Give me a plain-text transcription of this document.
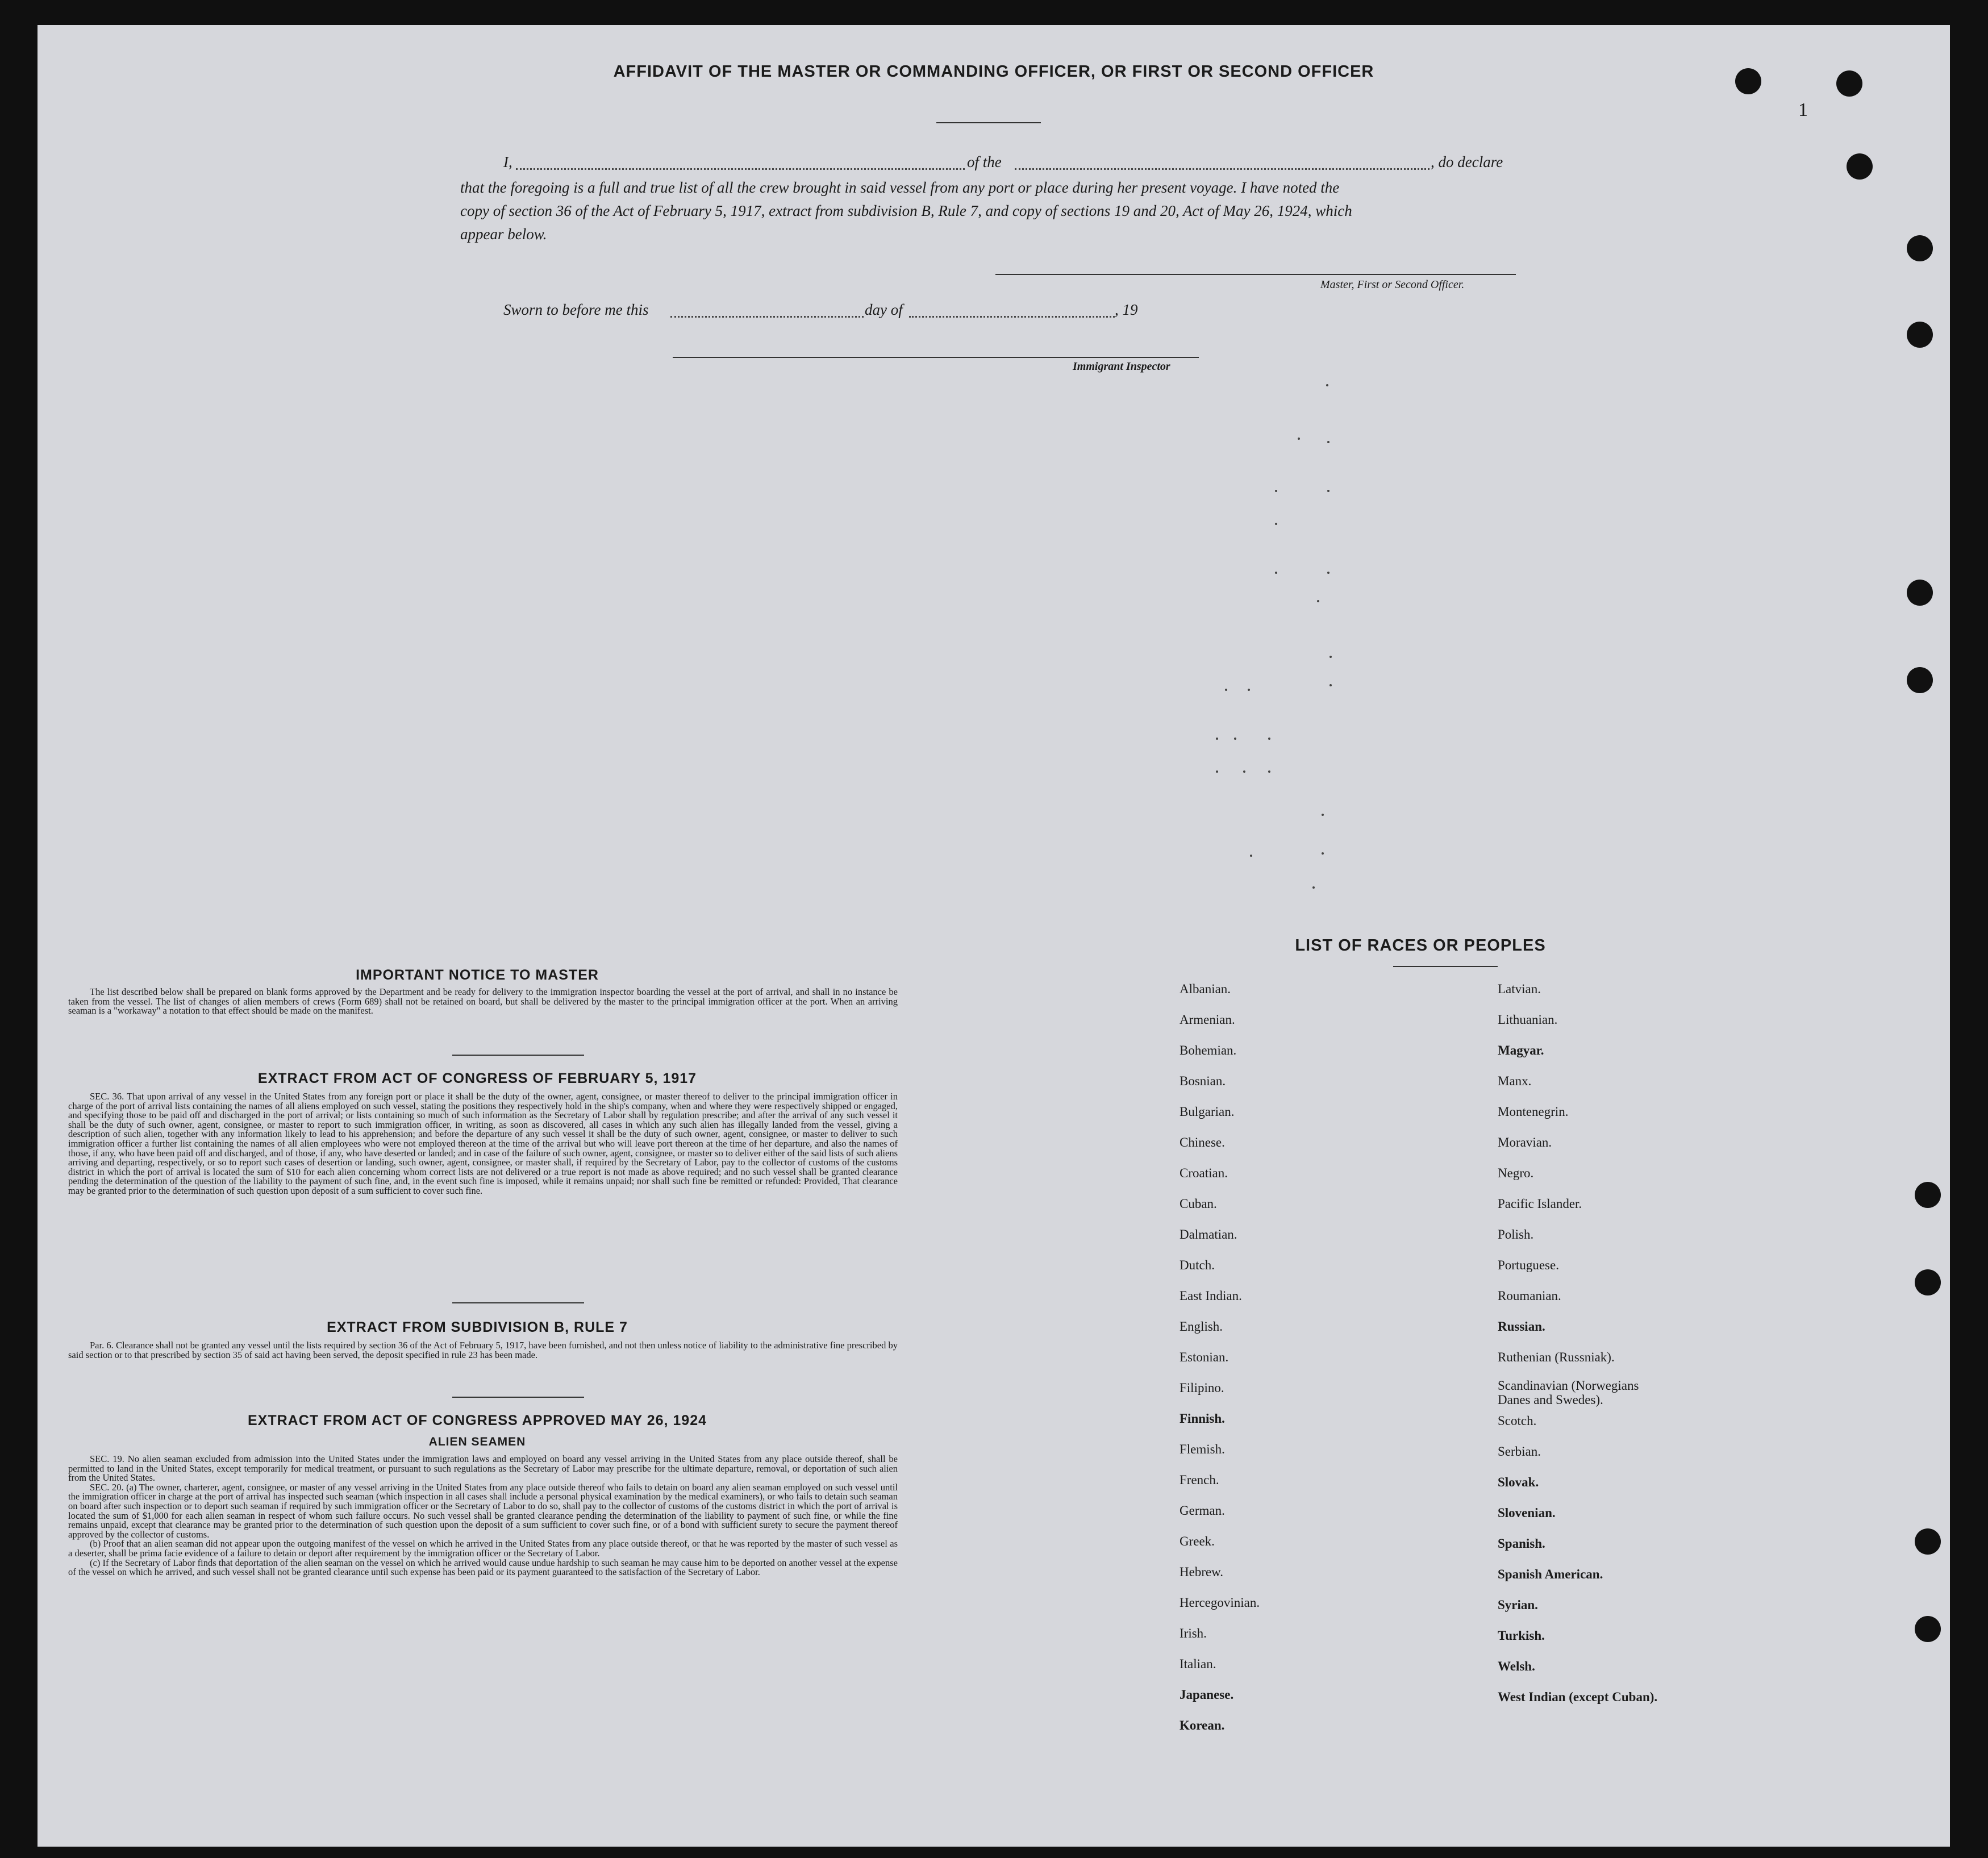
1
AFFIDAVIT OF THE MASTER OR COMMANDING OFFICER, OR FIRST OR SECOND OFFICER
I,	of the	, do declare
that the foregoing is a full and true list of all the crew brought in said vessel from any port or place during her present voyage. I have noted the
copy of section 36 of the Act of February 5, 1917, extract from subdivision B, Rule 7, and copy of sections 19 and 20, Act of May 26, 1924, which
appear below.
Master, First or Second Officer.
Sworn to before me this	day of	, 19
Immigrant Inspector
IMPORTANT NOTICE TO MASTER

The list described below shall be prepared on blank forms approved by the Department and be ready for delivery to the immigration inspector boarding the vessel at the port of arrival, and shall in no instance be taken from the vessel. The list of changes of alien members of crews (Form 689) shall not be retained on board, but shall be delivered by the master to the principal immigration officer at the port. When an arriving seaman is a "workaway" a notation to that effect should be made on the manifest.

EXTRACT FROM ACT OF CONGRESS OF FEBRUARY 5, 1917

SEC. 36. That upon arrival of any vessel in the United States from any foreign port or place it shall be the duty of the owner, agent, consignee, or master thereof to deliver to the principal immigration officer in charge of the port of arrival lists containing the names of all aliens employed on such vessel, stating the positions they respectively hold in the ship's company, when and where they were respectively shipped or engaged, and specifying those to be paid off and discharged in the port of arrival; or lists containing so much of such information as the Secretary of Labor shall by regulation prescribe; and after the arrival of any such vessel it shall be the duty of such owner, agent, consignee, or master to report to such immigration officer, in writing, as soon as discovered, all cases in which any such alien has illegally landed from the vessel, giving a description of such alien, together with any information likely to lead to his apprehension; and before the departure of any such vessel it shall be the duty of such owner, agent, consignee, or master to deliver to such immigration officer a further list containing the names of all alien employees who were not employed thereon at the time of the arrival but who will leave port thereon at the time of her departure, and also the names of those, if any, who have been paid off and discharged, and of those, if any, who have deserted or landed; and in case of the failure of such owner, agent, consignee, or master so to deliver either of the said lists of such aliens arriving and departing, respectively, or so to report such cases of desertion or landing, such owner, agent, consignee, or master shall, if required by the Secretary of Labor, pay to the collector of customs of the customs district in which the port of arrival is located the sum of $10 for each alien concerning whom correct lists are not delivered or a true report is not made as above required; and no such vessel shall be granted clearance pending the determination of the question of the liability to the payment of such fine, and, in the event such fine is imposed, while it remains unpaid; nor shall such fine be remitted or refunded: Provided, That clearance may be granted prior to the determination of such question upon deposit of a sum sufficient to cover such fine.

EXTRACT FROM SUBDIVISION B, RULE 7

Par. 6. Clearance shall not be granted any vessel until the lists required by section 36 of the Act of February 5, 1917, have been furnished, and not then unless notice of liability to the administrative fine prescribed by said section or to that prescribed by section 35 of said act having been served, the deposit specified in rule 23 has been made.

EXTRACT FROM ACT OF CONGRESS APPROVED MAY 26, 1924
ALIEN SEAMEN

SEC. 19. No alien seaman excluded from admission into the United States under the immigration laws and employed on board any vessel arriving in the United States from any place outside thereof, shall be permitted to land in the United States, except temporarily for medical treatment, or pursuant to such regulations as the Secretary of Labor may prescribe for the ultimate departure, removal, or deportation of such alien from the United States.

SEC. 20. (a) The owner, charterer, agent, consignee, or master of any vessel arriving in the United States from any place outside thereof who fails to detain on board any alien seaman employed on such vessel until the immigration officer in charge at the port of arrival has inspected such seaman (which inspection in all cases shall include a personal physical examination by the medical examiners), or who fails to detain such seaman on board after such inspection or to deport such seaman if required by such immigration officer or the Secretary of Labor to do so, shall pay to the collector of customs of the customs district in which the port of arrival is located the sum of $1,000 for each alien seaman in respect of whom such failure occurs. No such vessel shall be granted clearance pending the determination of the liability to payment of such fine, or while the fine remains unpaid, except that clearance may be granted prior to the determination of such question upon the deposit of a sum sufficient to cover such fine, or of a bond with sufficient surety to secure the payment thereof approved by the collector of customs.

(b) Proof that an alien seaman did not appear upon the outgoing manifest of the vessel on which he arrived in the United States from any place outside thereof, or that he was reported by the master of such vessel as a deserter, shall be prima facie evidence of a failure to detain or deport after requirement by the immigration officer or the Secretary of Labor.

(c) If the Secretary of Labor finds that deportation of the alien seaman on the vessel on which he arrived would cause undue hardship to such seaman he may cause him to be deported on another vessel at the expense of the vessel on which he arrived, and such vessel shall not be granted clearance until such expense has been paid or its payment guaranteed to the satisfaction of the Secretary of Labor.

LIST OF RACES OR PEOPLES
Albanian.
Armenian.
Bohemian.
Bosnian.
Bulgarian.
Chinese.
Croatian.
Cuban.
Dalmatian.
Dutch.
East Indian.
English.
Estonian.
Filipino.
Finnish.
Flemish.
French.
German.
Greek.
Hebrew.
Hercegovinian.
Irish.
Italian.
Japanese.
Korean.
Latvian.
Lithuanian.
Magyar.
Manx.
Montenegrin.
Moravian.
Negro.
Pacific Islander.
Polish.
Portuguese.
Roumanian.
Russian.
Ruthenian (Russniak).
Scandinavian (Norwegians
Danes and Swedes).
Scotch.
Serbian.
Slovak.
Slovenian.
Spanish.
Spanish American.
Syrian.
Turkish.
Welsh.
West Indian (except Cuban).
